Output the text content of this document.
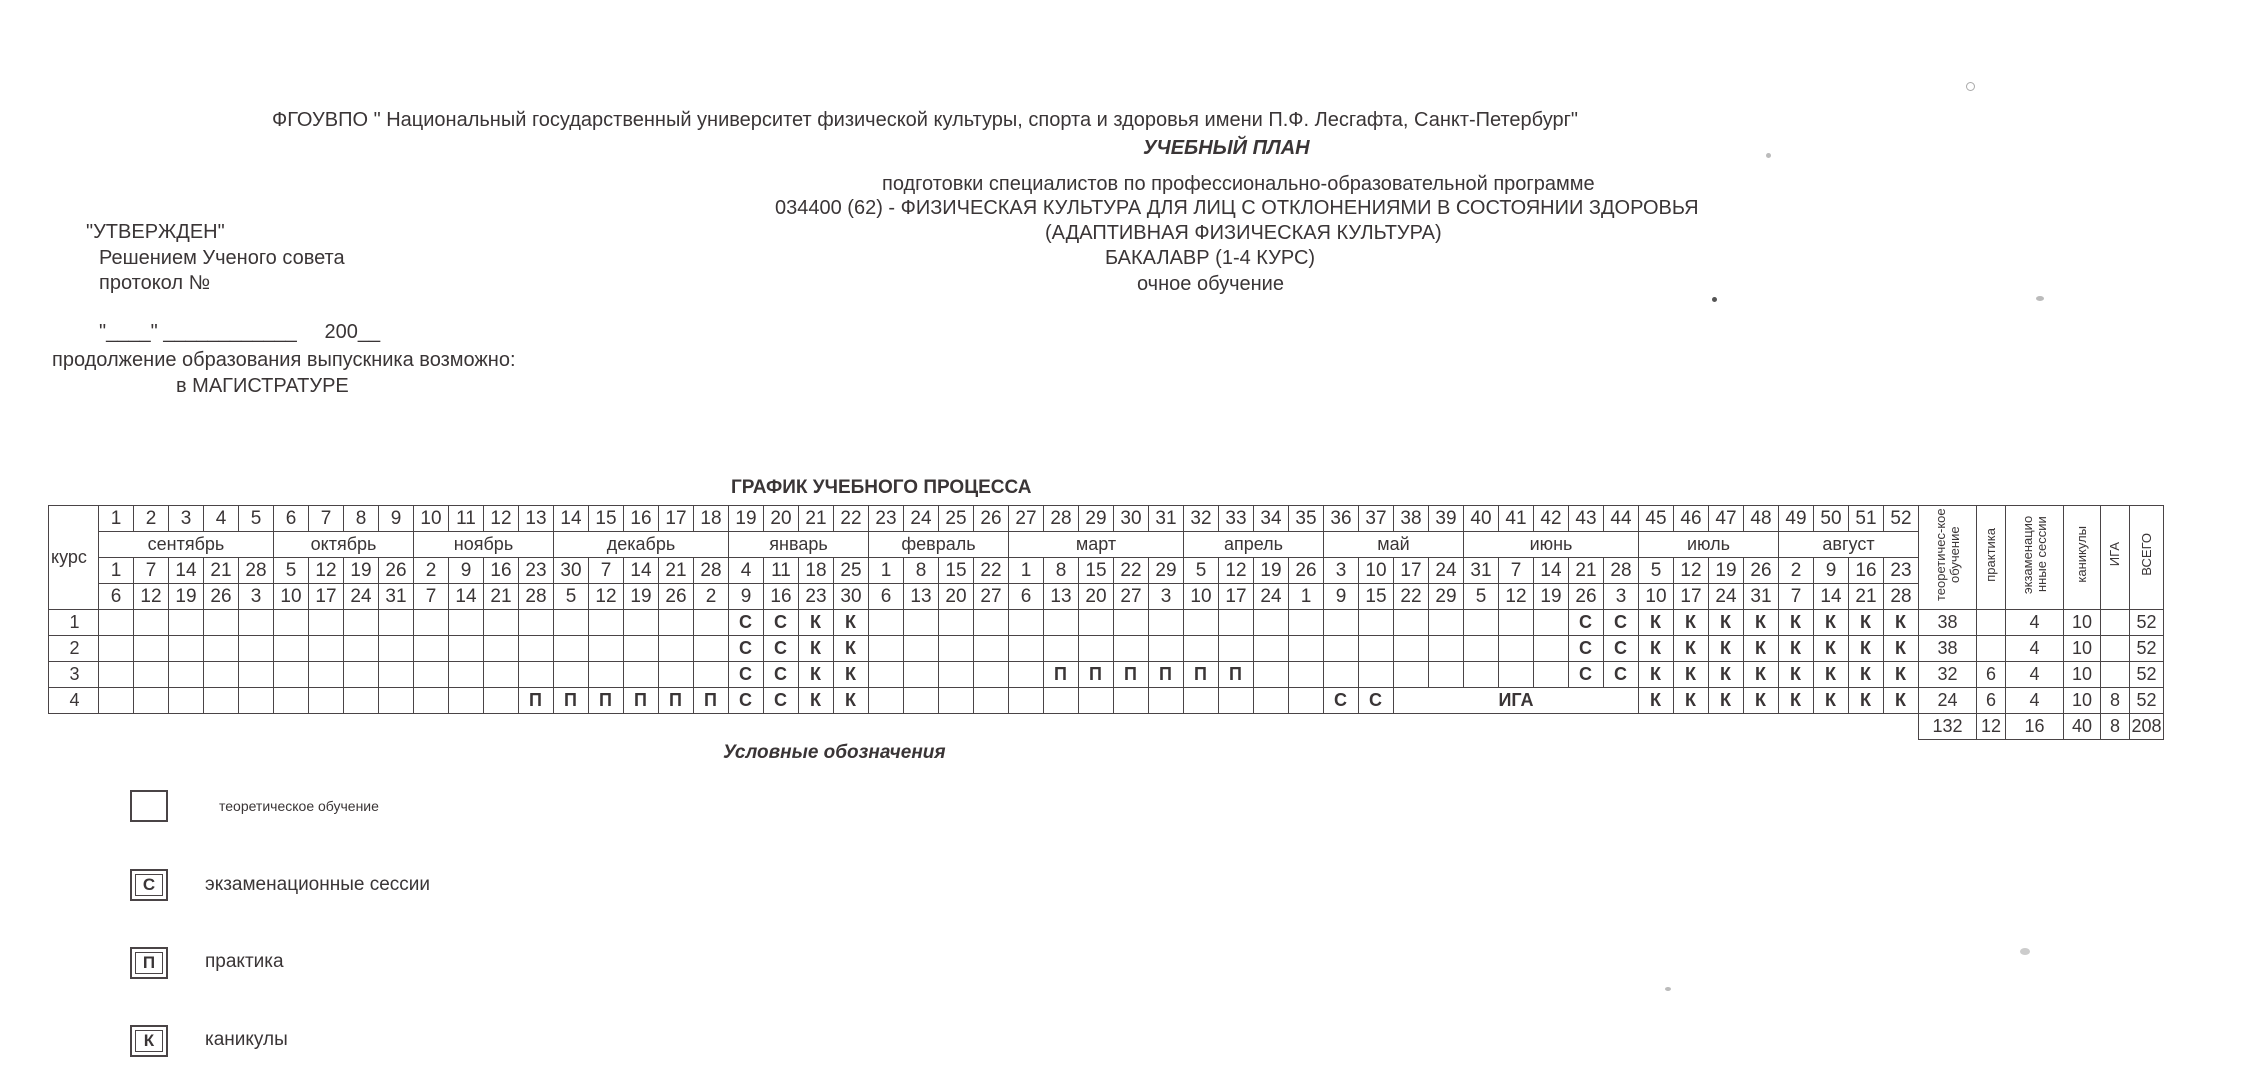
ФГОУВПО " Национальный государственный университет физической культуры, спорта и здоровья имени П.Ф. Лесгафта, Санкт-Петербург"
УЧЕБНЫЙ ПЛАН
подготовки специалистов по профессионально-образовательной программе
034400 (62) - ФИЗИЧЕСКАЯ КУЛЬТУРА ДЛЯ ЛИЦ С ОТКЛОНЕНИЯМИ В СОСТОЯНИИ ЗДОРОВЬЯ
(АДАПТИВНАЯ ФИЗИЧЕСКАЯ КУЛЬТУРА)
БАКАЛАВР (1-4 КУРС)
очное обучение
"УТВЕРЖДЕН"
Решением Ученого совета
протокол №
"____" ____________     200__
продолжение образования выпускника возможно:
в МАГИСТРАТУРЕ
ГРАФИК УЧЕБНОГО ПРОЦЕССА
курс	1	2	3	4	5	6	7	8	9	10	11	12	13	14	15	16	17	18	19	20	21	22	23	24	25	26	27	28	29	30	31	32	33	34	35	36	37	38	39	40	41	42	43	44	45	46	47	48	49	50	51	52	теоретичес-кое обучение	практика	экзаменацио нные сессии	каникулы	ИГА	ВСЕГО
	сентябрь					октябрь				ноябрь				декабрь					январь				февраль				март					апрель				май				июнь					июль				август									
	1	7	14	21	28	5	12	19	26	2	9	16	23	30	7	14	21	28	4	11	18	25	1	8	15	22	1	8	15	22	29	5	12	19	26	3	10	17	24	31	7	14	21	28	5	12	19	26	2	9	16	23						
	6	12	19	26	3	10	17	24	31	7	14	21	28	5	12	19	26	2	9	16	23	30	6	13	20	27	6	13	20	27	3	10	17	24	1	9	15	22	29	5	12	19	26	3	10	17	24	31	7	14	21	28						
1																			С	С	К	К																					С	С	К	К	К	К	К	К	К	К	38		4	10		52
2																			С	С	К	К																					С	С	К	К	К	К	К	К	К	К	38		4	10		52
3																			С	С	К	К						П	П	П	П	П	П										С	С	К	К	К	К	К	К	К	К	32	6	4	10		52
4													П	П	П	П	П	П	С	С	К	К														С	С	ИГА							К	К	К	К	К	К	К	К	24	6	4	10	8	52
																																																					132	12	16	40	8	208
Условные обозначения
теоретическое обучение
С	экзаменационные сессии
П	практика
К	каникулы
